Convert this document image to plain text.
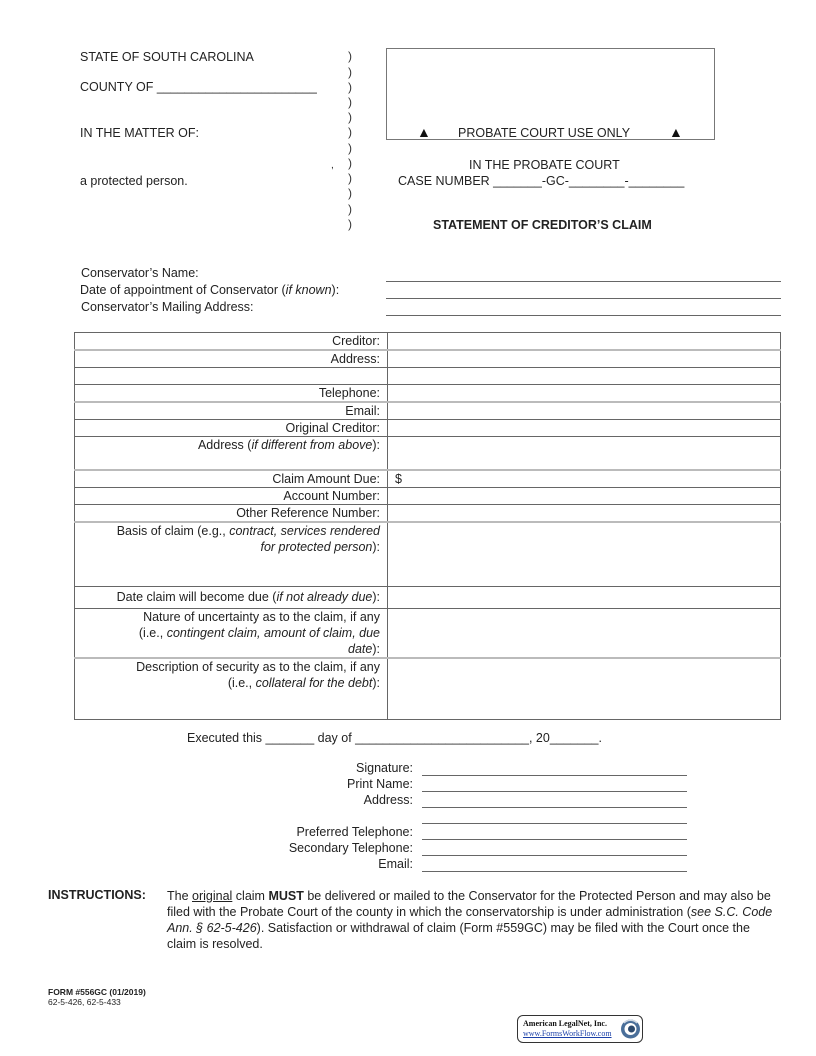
STATE OF SOUTH CAROLINA
COUNTY OF _______________________
IN THE MATTER OF:
,
a protected person.
)
)
)
)
)
)
)
)
)
)
)
)
▲ PROBATE COURT USE ONLY	▲
IN THE PROBATE COURT
CASE NUMBER _______-GC-________-________
STATEMENT OF CREDITOR’S CLAIM
Conservator’s Name:
Date of appointment of Conservator (if known):
Conservator’s Mailing Address:
Creditor:	
Address:	

Telephone:	
Email:	
Original Creditor:	
Address (if different from above):	
Claim Amount Due:	$
Account Number:	
Other Reference Number:	
Basis of claim (e.g., contract, services rendered
for protected person):	
Date claim will become due (if not already due):	
Nature of uncertainty as to the claim, if any
(i.e., contingent claim, amount of claim, due
date):	
Description of security as to the claim, if any
(i.e., collateral for the debt):	
Executed this _______ day of _________________________, 20_______.
Signature:
Print Name:
Address:
Preferred Telephone:
Secondary Telephone:
Email:
INSTRUCTIONS: The original claim MUST be delivered or mailed to the Conservator for the Protected Person and may also be filed with the Probate Court of the county in which the conservatorship is under administration (see S.C. Code Ann. § 62-5-426). Satisfaction or withdrawal of claim (Form #559GC) may be filed with the Court once the claim is resolved.
FORM #556GC (01/2019)
62-5-426, 62-5-433
American LegalNet, Inc.
www.FormsWorkFlow.com
